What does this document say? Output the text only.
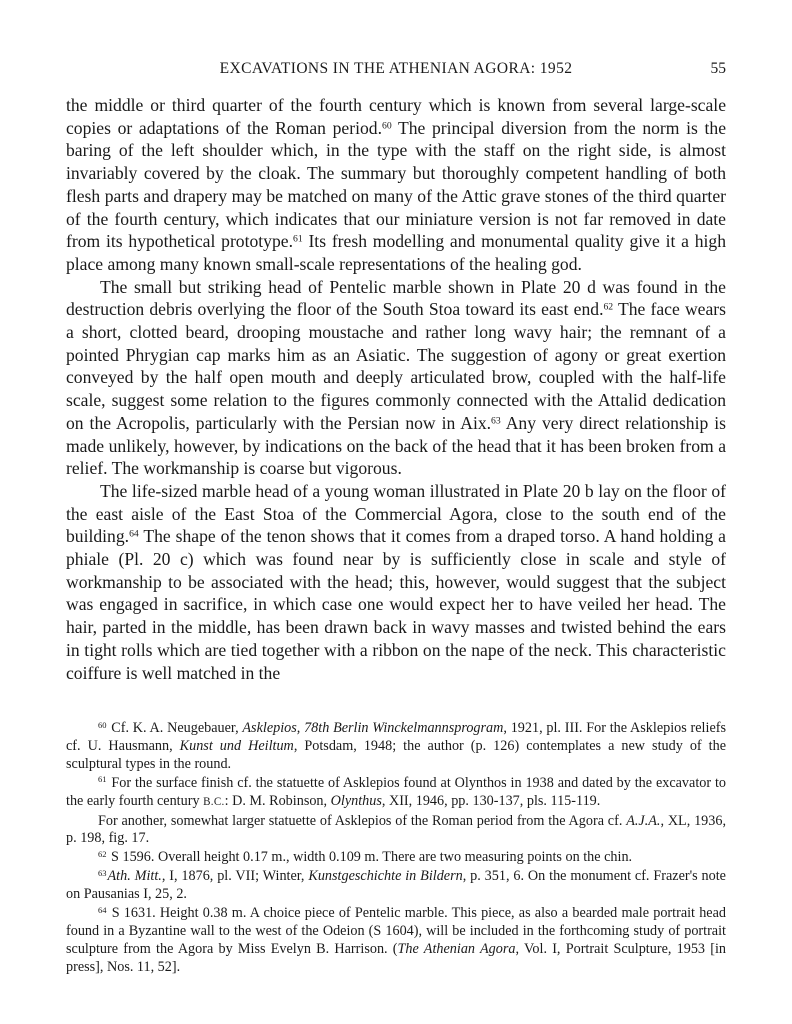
EXCAVATIONS IN THE ATHENIAN AGORA: 1952	55

the middle or third quarter of the fourth century which is known from several large-scale copies or adaptations of the Roman period.$^{60}$ The principal diversion from the norm is the baring of the left shoulder which, in the type with the staff on the right side, is almost invariably covered by the cloak. The summary but thoroughly competent handling of both flesh parts and drapery may be matched on many of the Attic grave stones of the third quarter of the fourth century, which indicates that our miniature version is not far removed in date from its hypothetical prototype.$^{61}$ Its fresh modelling and monumental quality give it a high place among many known small-scale representations of the healing god.

The small but striking head of Pentelic marble shown in Plate 20 d was found in the destruction debris overlying the floor of the South Stoa toward its east end.$^{62}$ The face wears a short, clotted beard, drooping moustache and rather long wavy hair; the remnant of a pointed Phrygian cap marks him as an Asiatic. The suggestion of agony or great exertion conveyed by the half open mouth and deeply articulated brow, coupled with the half-life scale, suggest some relation to the figures commonly connected with the Attalid dedication on the Acropolis, particularly with the Persian now in Aix.$^{63}$ Any very direct relationship is made unlikely, however, by indications on the back of the head that it has been broken from a relief. The workmanship is coarse but vigorous.

The life-sized marble head of a young woman illustrated in Plate 20 b lay on the floor of the east aisle of the East Stoa of the Commercial Agora, close to the south end of the building.$^{64}$ The shape of the tenon shows that it comes from a draped torso. A hand holding a phiale (Pl. 20 c) which was found near by is sufficiently close in scale and style of workmanship to be associated with the head; this, however, would suggest that the subject was engaged in sacrifice, in which case one would expect her to have veiled her head. The hair, parted in the middle, has been drawn back in wavy masses and twisted behind the ears in tight rolls which are tied together with a ribbon on the nape of the neck. This characteristic coiffure is well matched in the

$^{60}$ Cf. K. A. Neugebauer, Asklepios, 78th Berlin Winckelmannsprogram, 1921, pl. III. For the Asklepios reliefs cf. U. Hausmann, Kunst und Heiltum, Potsdam, 1948; the author (p. 126) contemplates a new study of the sculptural types in the round.

$^{61}$ For the surface finish cf. the statuette of Asklepios found at Olynthos in 1938 and dated by the excavator to the early fourth century B.C.: D. M. Robinson, Olynthus, XII, 1946, pp. 130-137, pls. 115-119.

For another, somewhat larger statuette of Asklepios of the Roman period from the Agora cf. A.J.A., XL, 1936, p. 198, fig. 17.

$^{62}$ S 1596. Overall height 0.17 m., width 0.109 m. There are two measuring points on the chin.

$^{63}$Ath. Mitt., I, 1876, pl. VII; Winter, Kunstgeschichte in Bildern, p. 351, 6. On the monument cf. Frazer's note on Pausanias I, 25, 2.

$^{64}$ S 1631. Height 0.38 m. A choice piece of Pentelic marble. This piece, as also a bearded male portrait head found in a Byzantine wall to the west of the Odeion (S 1604), will be included in the forthcoming study of portrait sculpture from the Agora by Miss Evelyn B. Harrison. (The Athenian Agora, Vol. I, Portrait Sculpture, 1953 [in press], Nos. 11, 52].
